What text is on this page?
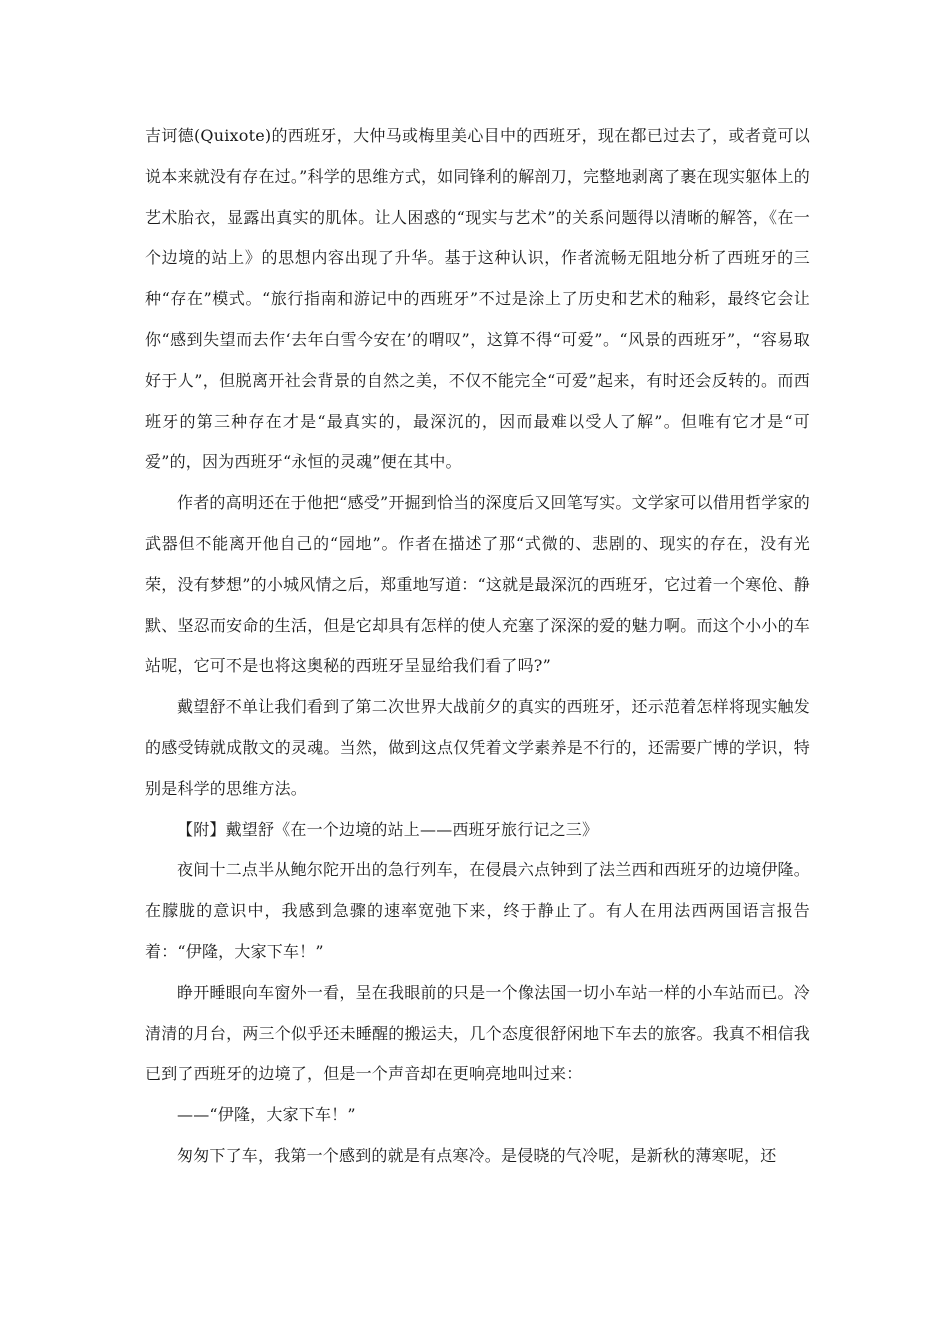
吉诃德(Quixote)的西班牙，大仲马或梅里美心目中的西班牙，现在都已过去了，或者竟可以说本来就没有存在过。”科学的思维方式，如同锋利的解剖刀，完整地剥离了裹在现实躯体上的艺术胎衣，显露出真实的肌体。让人困惑的“现实与艺术”的关系问题得以清晰的解答，《在一个边境的站上》的思想内容出现了升华。基于这种认识，作者流畅无阻地分析了西班牙的三种“存在”模式。“旅行指南和游记中的西班牙”不过是涂上了历史和艺术的釉彩，最终它会让你“感到失望而去作‘去年白雪今安在’的喟叹”，这算不得“可爱”。“风景的西班牙”，“容易取好于人”，但脱离开社会背景的自然之美，不仅不能完全“可爱”起来，有时还会反转的。而西班牙的第三种存在才是“最真实的，最深沉的，因而最难以受人了解”。但唯有它才是“可爱”的，因为西班牙“永恒的灵魂”便在其中。

作者的高明还在于他把“感受”开掘到恰当的深度后又回笔写实。文学家可以借用哲学家的武器但不能离开他自己的“园地”。作者在描述了那“式微的、悲剧的、现实的存在，没有光荣，没有梦想”的小城风情之后，郑重地写道：“这就是最深沉的西班牙，它过着一个寒伧、静默、坚忍而安命的生活，但是它却具有怎样的使人充塞了深深的爱的魅力啊。而这个小小的车站呢，它可不是也将这奥秘的西班牙呈显给我们看了吗?”

戴望舒不单让我们看到了第二次世界大战前夕的真实的西班牙，还示范着怎样将现实触发的感受铸就成散文的灵魂。当然，做到这点仅凭着文学素养是不行的，还需要广博的学识，特别是科学的思维方法。

【附】戴望舒《在一个边境的站上——西班牙旅行记之三》

夜间十二点半从鲍尔陀开出的急行列车，在侵晨六点钟到了法兰西和西班牙的边境伊隆。在朦胧的意识中，我感到急骤的速率宽弛下来，终于静止了。有人在用法西两国语言报告着：“伊隆，大家下车！”

睁开睡眼向车窗外一看，呈在我眼前的只是一个像法国一切小车站一样的小车站而已。冷清清的月台，两三个似乎还未睡醒的搬运夫，几个态度很舒闲地下车去的旅客。我真不相信我已到了西班牙的边境了，但是一个声音却在更响亮地叫过来：

——“伊隆，大家下车！”

匆匆下了车，我第一个感到的就是有点寒冷。是侵晓的气冷呢，是新秋的薄寒呢，还
